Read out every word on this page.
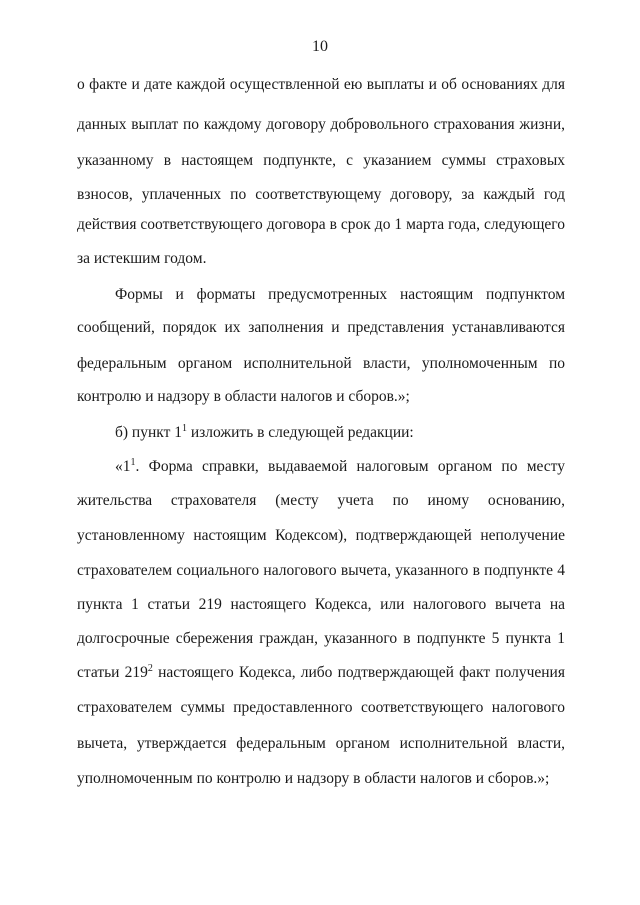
10
о факте и дате каждой осуществленной ею выплаты и об основаниях для
данных выплат по каждому договору добровольного страхования жизни,
указанному в настоящем подпункте, с указанием суммы страховых
взносов, уплаченных по соответствующему договору, за каждый год
действия соответствующего договора в срок до 1 марта года, следующего
за истекшим годом.
Формы и форматы предусмотренных настоящим подпунктом
сообщений, порядок их заполнения и представления устанавливаются
федеральным органом исполнительной власти, уполномоченным по
контролю и надзору в области налогов и сборов.»;
б) пункт $1^1$ изложить в следующей редакции:
«$1^1$. Форма справки, выдаваемой налоговым органом по месту
жительства страхователя (месту учета по иному основанию,
установленному настоящим Кодексом), подтверждающей неполучение
страхователем социального налогового вычета, указанного в подпункте 4
пункта 1 статьи 219 настоящего Кодекса, или налогового вычета на
долгосрочные сбережения граждан, указанного в подпункте 5 пункта 1
статьи $219^2$ настоящего Кодекса, либо подтверждающей факт получения
страхователем суммы предоставленного соответствующего налогового
вычета, утверждается федеральным органом исполнительной власти,
уполномоченным по контролю и надзору в области налогов и сборов.»;
